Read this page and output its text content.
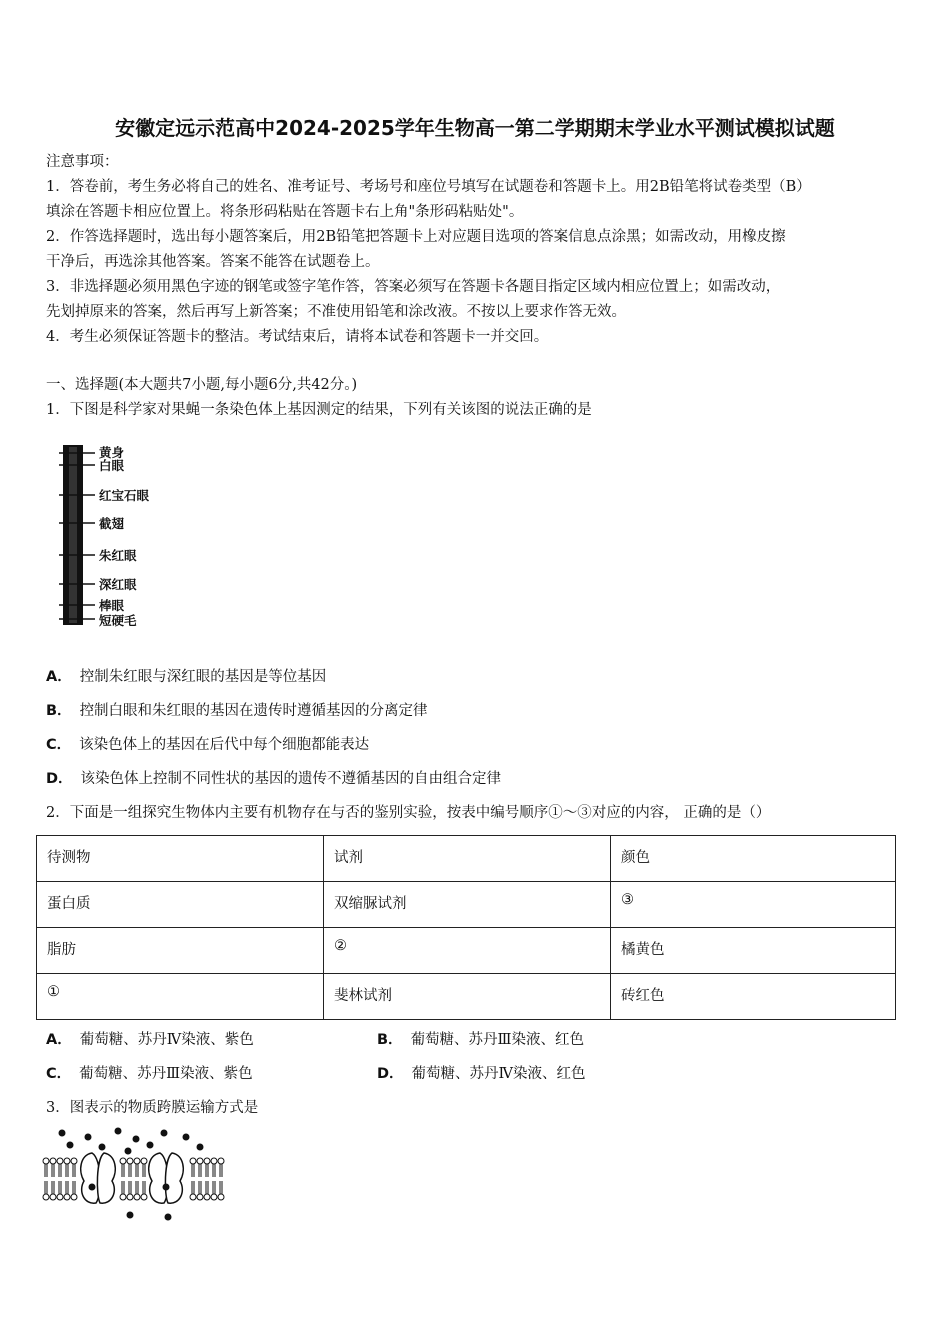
安徽定远示范高中2024-2025学年生物高一第二学期期末学业水平测试模拟试题

注意事项：

1．答卷前，考生务必将自己的姓名、准考证号、考场号和座位号填写在试题卷和答题卡上。用2B铅笔将试卷类型（B）

填涂在答题卡相应位置上。将条形码粘贴在答题卡右上角"条形码粘贴处"。

2．作答选择题时，选出每小题答案后，用2B铅笔把答题卡上对应题目选项的答案信息点涂黑；如需改动，用橡皮擦

干净后，再选涂其他答案。答案不能答在试题卷上。

3．非选择题必须用黑色字迹的钢笔或签字笔作答，答案必须写在答题卡各题目指定区域内相应位置上；如需改动，

先划掉原来的答案，然后再写上新答案；不准使用铅笔和涂改液。不按以上要求作答无效。

4．考生必须保证答题卡的整洁。考试结束后，请将本试卷和答题卡一并交回。

一、选择题(本大题共7小题,每小题6分,共42分。)
1．下图是科学家对果蝇一条染色体上基因测定的结果，下列有关该图的说法正确的是
黄身
白眼
红宝石眼
截翅
朱红眼
深红眼
棒眼
短硬毛
A． 控制朱红眼与深红眼的基因是等位基因
B． 控制白眼和朱红眼的基因在遗传时遵循基因的分离定律
C． 该染色体上的基因在后代中每个细胞都能表达
D． 该染色体上控制不同性状的基因的遗传不遵循基因的自由组合定律
2．下面是一组探究生物体内主要有机物存在与否的鉴别实验，按表中编号顺序①～③对应的内容， 正确的是（）
待测物	试剂	颜色
蛋白质	双缩脲试剂	③
脂肪	②	橘黄色
①	斐林试剂	砖红色
A． 葡萄糖、苏丹Ⅳ染液、紫色	B． 葡萄糖、苏丹Ⅲ染液、红色
C． 葡萄糖、苏丹Ⅲ染液、紫色	D． 葡萄糖、苏丹Ⅳ染液、红色
3．图表示的物质跨膜运输方式是
